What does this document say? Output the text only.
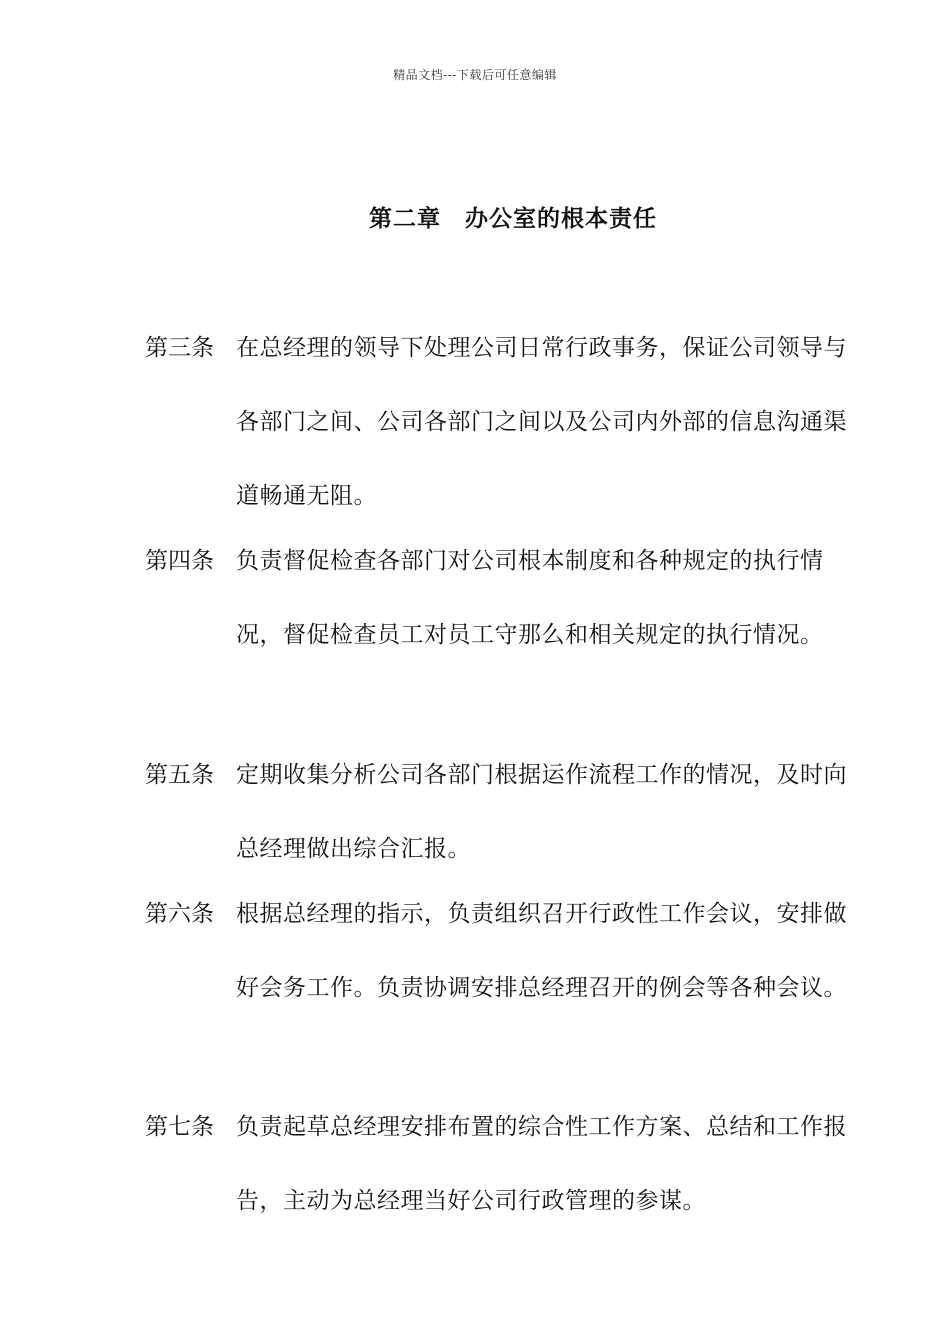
精品文档---下载后可任意编辑
第二章　办公室的根本责任
第三条 在总经理的领导下处理公司日常行政事务，保证公司领导与各部门之间、公司各部门之间以及公司内外部的信息沟通渠道畅通无阻。
第四条 负责督促检查各部门对公司根本制度和各种规定的执行情况，督促检查员工对员工守那么和相关规定的执行情况。
第五条 定期收集分析公司各部门根据运作流程工作的情况，及时向总经理做出综合汇报。
第六条 根据总经理的指示，负责组织召开行政性工作会议，安排做好会务工作。负责协调安排总经理召开的例会等各种会议。
第七条 负责起草总经理安排布置的综合性工作方案、总结和工作报告，主动为总经理当好公司行政管理的参谋。
